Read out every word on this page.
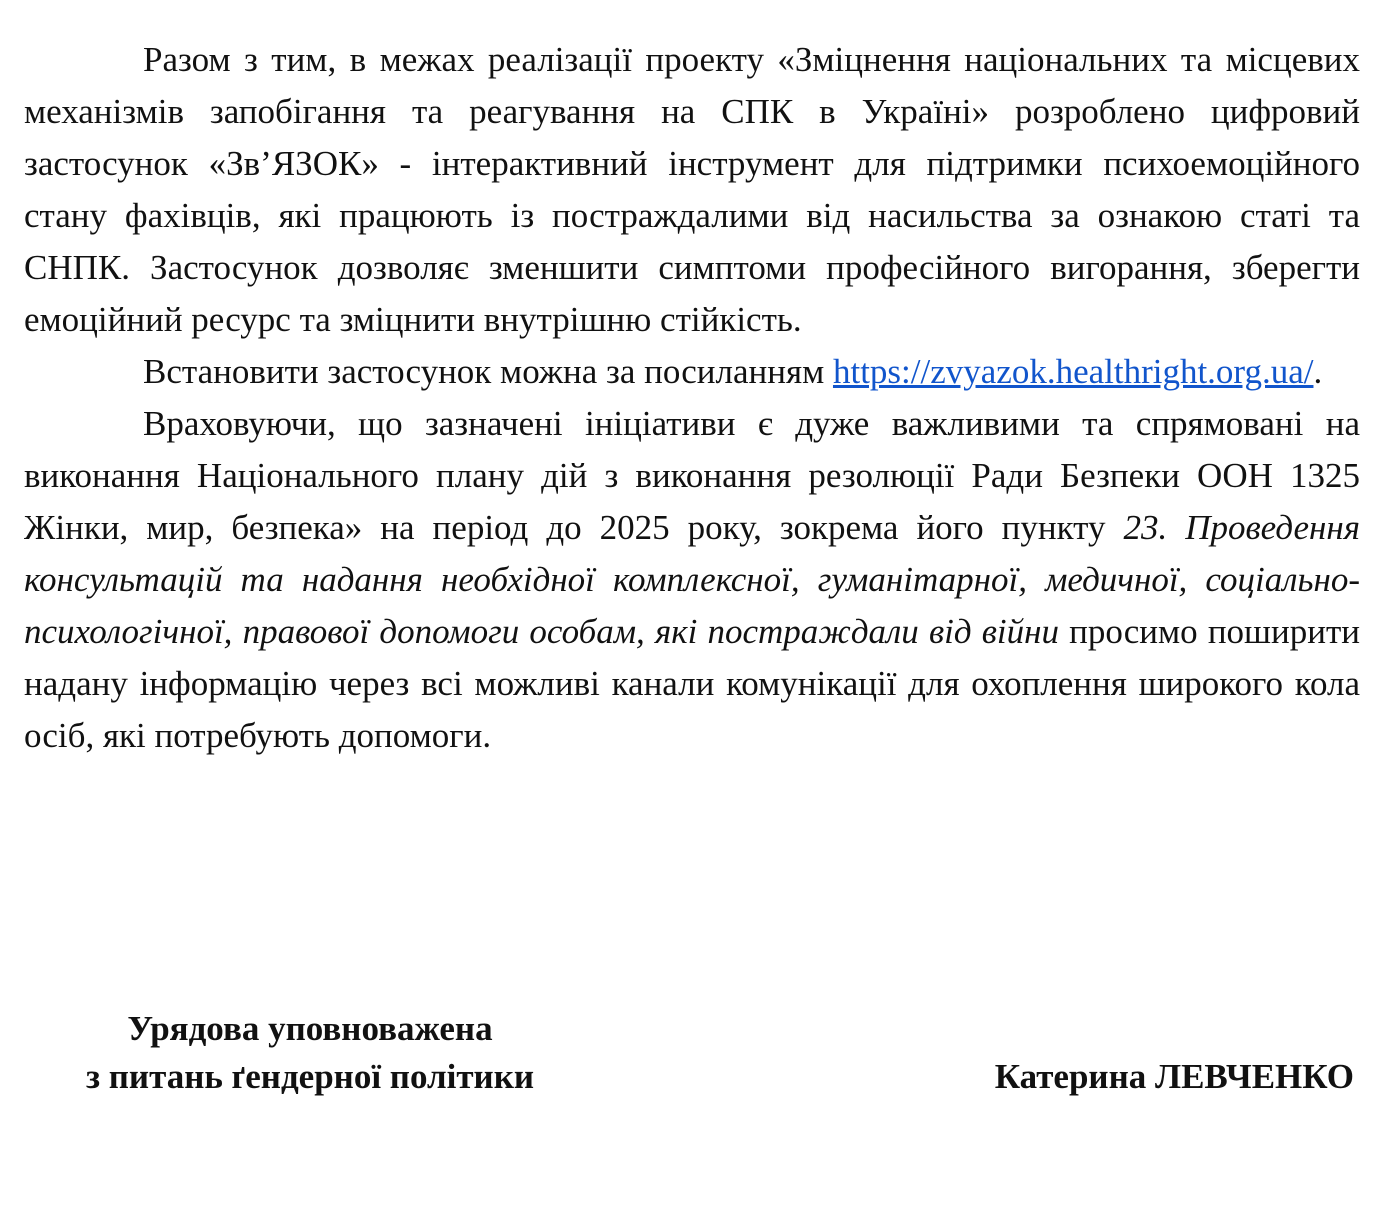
Разом з тим, в межах реалізації проекту «Зміцнення національних та місцевих механізмів запобігання та реагування на СПК в Україні» розроблено цифровий застосунок «Зв’ЯЗОК» - інтерактивний інструмент для підтримки психоемоційного стану фахівців, які працюють із постраждалими від насильства за ознакою статі та СНПК. Застосунок дозволяє зменшити симптоми професійного вигорання, зберегти емоційний ресурс та зміцнити внутрішню стійкість.

Встановити застосунок можна за посиланням https://zvyazok.healthright.org.ua/.

Враховуючи, що зазначені ініціативи є дуже важливими та спрямовані на виконання Національного плану дій з виконання резолюції Ради Безпеки ООН 1325 Жінки, мир, безпека» на період до 2025 року, зокрема його пункту 23. Проведення консультацій та надання необхідної комплексної, гуманітарної, медичної, соціально-психологічної, правової допомоги особам, які постраждали від війни просимо поширити надану інформацію через всі можливі канали комунікації для охоплення широкого кола осіб, які потребують допомоги.

Урядова уповноважена
з питань ґендерної політики	Катерина ЛЕВЧЕНКО
